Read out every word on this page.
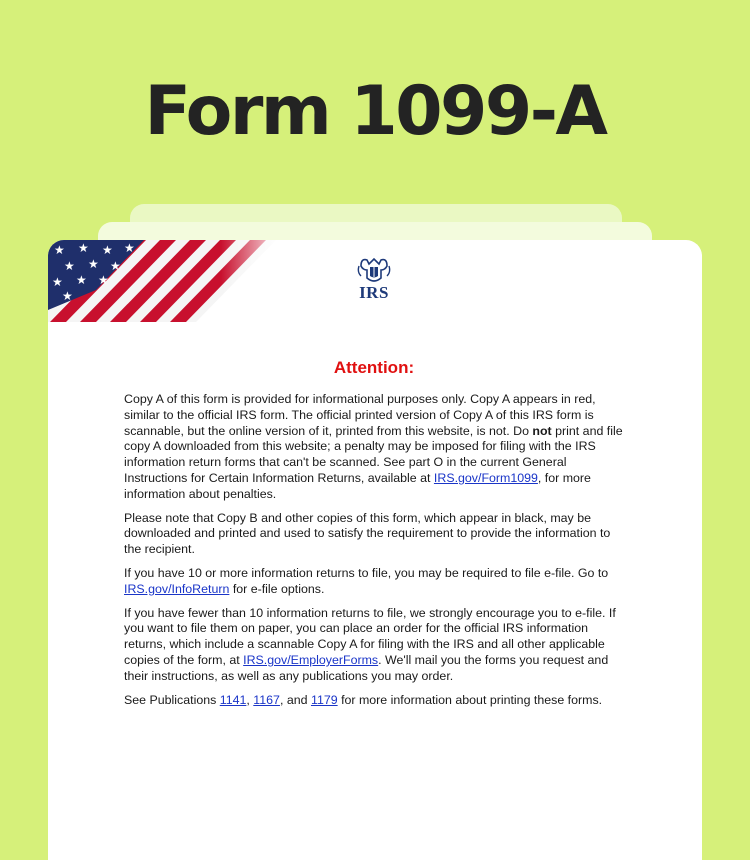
Form 1099-A
IRS
Attention:

Copy A of this form is provided for informational purposes only. Copy A appears in red, similar to the official IRS form. The official printed version of Copy A of this IRS form is scannable, but the online version of it, printed from this website, is not. Do not print and file copy A downloaded from this website; a penalty may be imposed for filing with the IRS information return forms that can't be scanned. See part O in the current General Instructions for Certain Information Returns, available at IRS.gov/Form1099, for more information about penalties.

Please note that Copy B and other copies of this form, which appear in black, may be downloaded and printed and used to satisfy the requirement to provide the information to the recipient.

If you have 10 or more information returns to file, you may be required to file e-file. Go to IRS.gov/InfoReturn for e-file options.

If you have fewer than 10 information returns to file, we strongly encourage you to e-file. If you want to file them on paper, you can place an order for the official IRS information returns, which include a scannable Copy A for filing with the IRS and all other applicable copies of the form, at IRS.gov/EmployerForms. We'll mail you the forms you request and their instructions, as well as any publications you may order.

See Publications 1141, 1167, and 1179 for more information about printing these forms.
